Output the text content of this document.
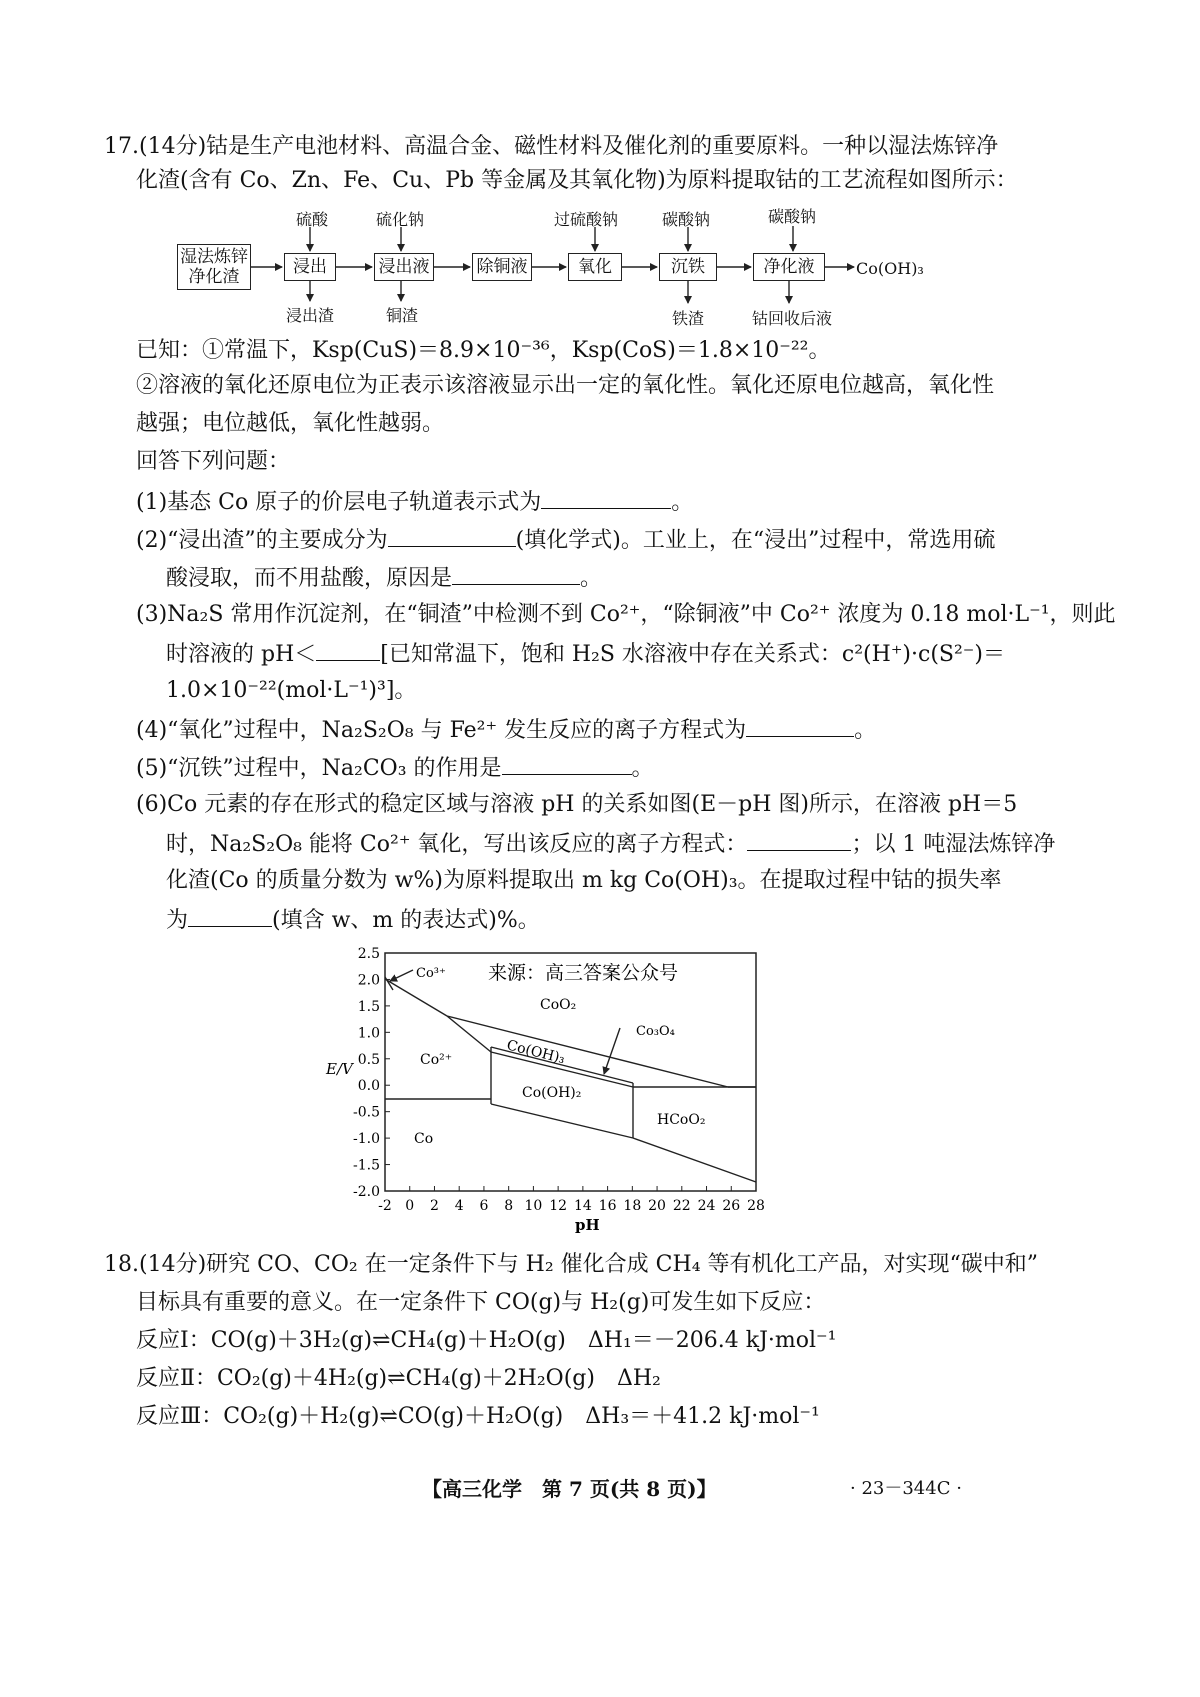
17.(14分)钴是生产电池材料、高温合金、磁性材料及催化剂的重要原料。一种以湿法炼锌净
化渣(含有 Co、Zn、Fe、Cu、Pb 等金属及其氧化物)为原料提取钴的工艺流程如图所示：
湿法炼锌
净化渣	浸出	浸出液	除铜液	氧化	沉铁	净化液
硫酸	硫化钠	过硫酸钠	碳酸钠	碳酸钠
浸出渣	铜渣	铁渣	钴回收后液
Co(OH)₃
已知：①常温下，Ksp(CuS)＝8.9×10⁻³⁶，Ksp(CoS)＝1.8×10⁻²²。
②溶液的氧化还原电位为正表示该溶液显示出一定的氧化性。氧化还原电位越高，氧化性
越强；电位越低，氧化性越弱。
回答下列问题：
(1)基态 Co 原子的价层电子轨道表示式为	。
(2)“浸出渣”的主要成分为	(填化学式)。工业上，在“浸出”过程中，常选用硫
酸浸取，而不用盐酸，原因是	。
(3)Na₂S 常用作沉淀剂，在“铜渣”中检测不到 Co²⁺，“除铜液”中 Co²⁺ 浓度为 0.18 mol·L⁻¹，则此
时溶液的 pH＜	[已知常温下，饱和 H₂S 水溶液中存在关系式：c²(H⁺)·c(S²⁻)＝
1.0×10⁻²²(mol·L⁻¹)³]。
(4)“氧化”过程中，Na₂S₂O₈ 与 Fe²⁺ 发生反应的离子方程式为	。
(5)“沉铁”过程中，Na₂CO₃ 的作用是	。
(6)Co 元素的存在形式的稳定区域与溶液 pH 的关系如图(E－pH 图)所示，在溶液 pH＝5
时，Na₂S₂O₈ 能将 Co²⁺ 氧化，写出该反应的离子方程式：	；以 1 吨湿法炼锌净
化渣(Co 的质量分数为 w%)为原料提取出 m kg Co(OH)₃。在提取过程中钴的损失率
为	(填含 w、m 的表达式)%。
来源：高三答案公众号
E/V
pH
2.5
2.0
1.5
1.0
0.5
0.0
-0.5
-1.0
-1.5
-2.0
-2 0 2 4 6 8 10 12 14 16 18 20 22 24 26 28
Co³⁺
CoO₂
Co₃O₄
Co(OH)₃
Co²⁺
Co(OH)₂
HCoO₂
Co
18.(14分)研究 CO、CO₂ 在一定条件下与 H₂ 催化合成 CH₄ 等有机化工产品，对实现“碳中和”
目标具有重要的意义。在一定条件下 CO(g)与 H₂(g)可发生如下反应：
反应Ⅰ：CO(g)＋3H₂(g)⇌CH₄(g)＋H₂O(g)　ΔH₁＝－206.4 kJ·mol⁻¹
反应Ⅱ：CO₂(g)＋4H₂(g)⇌CH₄(g)＋2H₂O(g)　ΔH₂
反应Ⅲ：CO₂(g)＋H₂(g)⇌CO(g)＋H₂O(g)　ΔH₃＝＋41.2 kJ·mol⁻¹
【高三化学　第 7 页(共 8 页)】	· 23－344C ·
